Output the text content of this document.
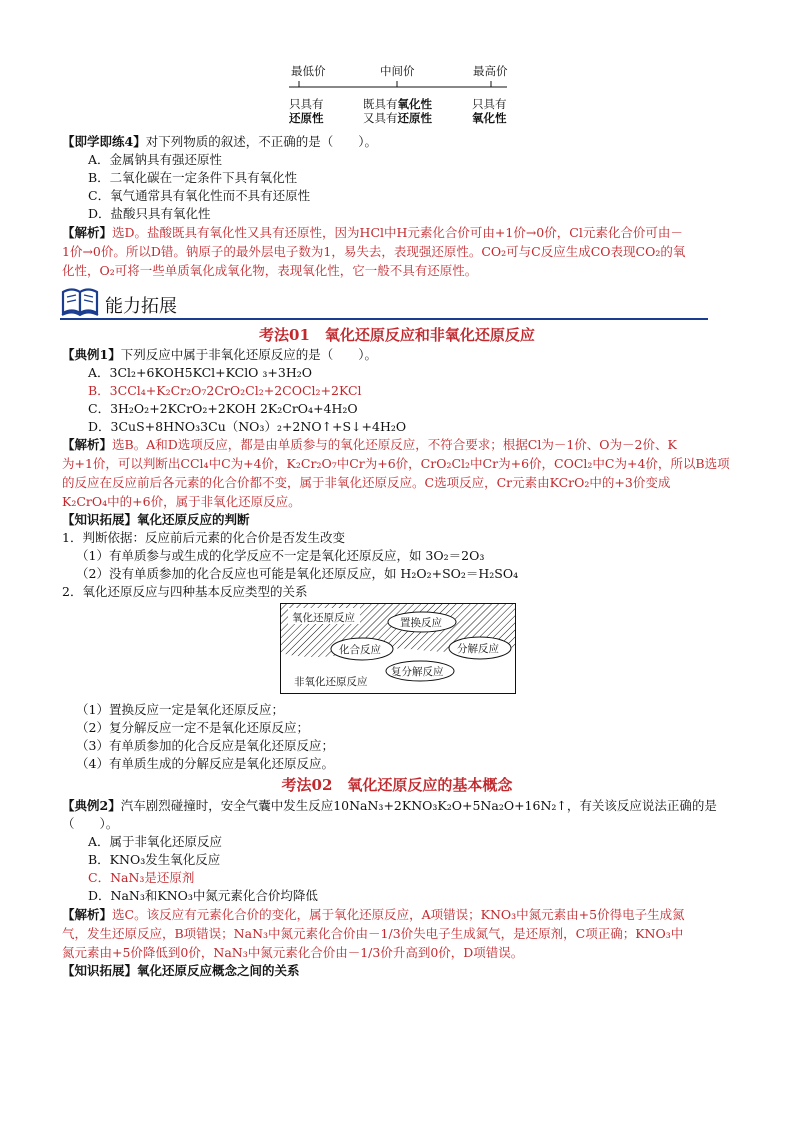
最低价	中间价	最高价
只具有
还原性
既具有氧化性
又具有还原性
只具有
氧化性
【即学即练4】对下列物质的叙述，不正确的是（　　）。
A．金属钠具有强还原性
B．二氧化碳在一定条件下具有氧化性
C．氧气通常具有氧化性而不具有还原性
D．盐酸只具有氧化性
【解析】选D。盐酸既具有氧化性又具有还原性，因为HCl中H元素化合价可由+1价→0价，Cl元素化合价可由－
1价→0价。所以D错。钠原子的最外层电子数为1，易失去，表现强还原性。CO₂可与C反应生成CO表现CO₂的氧
化性，O₂可将一些单质氧化成氧化物，表现氧化性，它一般不具有还原性。
能力拓展
考法01　氧化还原反应和非氧化还原反应
【典例1】下列反应中属于非氧化还原反应的是（　　）。
A．3Cl₂+6KOH5KCl+KClO ₃+3H₂O
B．3CCl₄+K₂Cr₂O₇2CrO₂Cl₂+2COCl₂+2KCl
C．3H₂O₂+2KCrO₂+2KOH 2K₂CrO₄+4H₂O
D．3CuS+8HNO₃3Cu（NO₃）₂+2NO↑+S↓+4H₂O
【解析】选B。A和D选项反应，都是由单质参与的氧化还原反应，不符合要求；根据Cl为－1价、O为－2价、K
为+1价，可以判断出CCl₄中C为+4价，K₂Cr₂O₇中Cr为+6价，CrO₂Cl₂中Cr为+6价，COCl₂中C为+4价，所以B选项
的反应在反应前后各元素的化合价都不变，属于非氧化还原反应。C选项反应，Cr元素由KCrO₂中的+3价变成
K₂CrO₄中的+6价，属于非氧化还原反应。
【知识拓展】氧化还原反应的判断
1．判断依据：反应前后元素的化合价是否发生改变
（1）有单质参与或生成的化学反应不一定是氧化还原反应，如 3O₂＝2O₃
（2）没有单质参加的化合反应也可能是氧化还原反应，如 H₂O₂+SO₂＝H₂SO₄
2．氧化还原反应与四种基本反应类型的关系
氧化还原反应	置换反应
化合反应	分解反应
复分解反应
非氧化还原反应
（1）置换反应一定是氧化还原反应；
（2）复分解反应一定不是氧化还原反应；
（3）有单质参加的化合反应是氧化还原反应；
（4）有单质生成的分解反应是氧化还原反应。
考法02　氧化还原反应的基本概念
【典例2】汽车剧烈碰撞时，安全气囊中发生反应10NaN₃+2KNO₃K₂O+5Na₂O+16N₂↑，有关该反应说法正确的是
（　　）。
A．属于非氧化还原反应
B．KNO₃发生氧化反应
C．NaN₃是还原剂
D．NaN₃和KNO₃中氮元素化合价均降低
【解析】选C。该反应有元素化合价的变化，属于氧化还原反应，A项错误；KNO₃中氮元素由+5价得电子生成氮
气，发生还原反应，B项错误；NaN₃中氮元素化合价由－1/3价失电子生成氮气，是还原剂，C项正确；KNO₃中
氮元素由+5价降低到0价，NaN₃中氮元素化合价由－1/3价升高到0价，D项错误。
【知识拓展】氧化还原反应概念之间的关系
